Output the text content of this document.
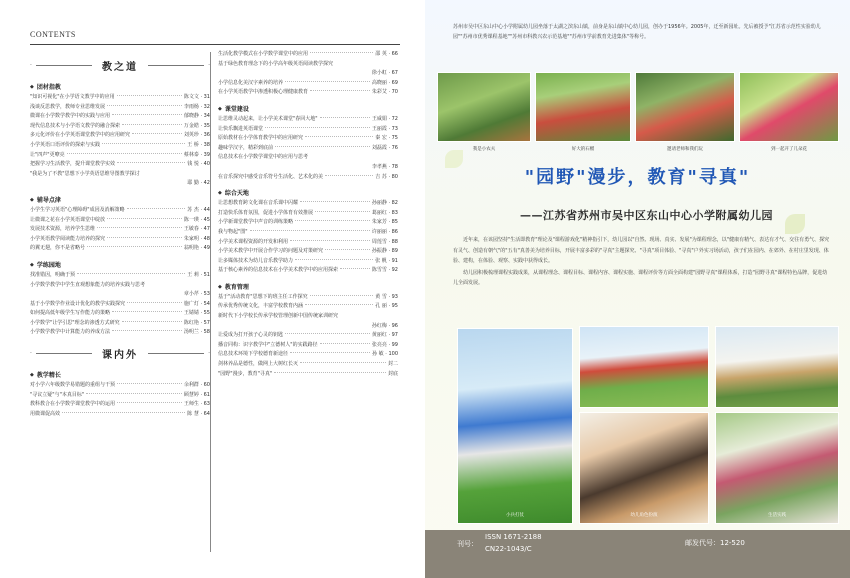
CONTENTS
·	教之道	·
◆ 团材指教
"知识可视化"在小学语文教学中的应用	陈文文 · 31
浅谈反思教学，教师专业思维发展	李雨杨 · 32
微课在小学数学教学中的实践与应用	郁晓静 · 34
现代信息技术与小学语文教学的融合探索	万金皓 · 35
多元化评价在小学英语课堂教学中的应用研究	刘英珍 · 36
小学英语口语评价的探索与实践	王 桥 · 38
让"四声"更嘹亮	蔡林泰 · 39
把握学习生活教学，提升课堂教学实效	钱 悦 · 40
"我是为了不教"思想下小学英语思维导图教学探讨
耶 勤 · 42
◆ 辅导点津
小学生学习英语"心理障碍"成因及消解策略	苏 杰 · 44
让微课之花在小学英语课堂中绽放	陈一瑛 · 45
发展技术资源，培养学生思维	王敏春 · 47
小学英语教学阅读能力培养的探究	朱家明 · 48
的翼无翅，你不是省略号	翁明艳 · 49
◆ 学练园地
找准错因，明确于预	王 莉 · 51
小学数学教学中学生直观想象能力的培养实践与思考
章小芹 · 53
基于小学数学作业设计优化的教学实践探究	施广灯 · 54
如何提高低年级学生写作能力的策略	王婧婧 · 55
小学数学"让学引思"理念的渗透方式研究	陈红艳 · 57
小学数学教学中计算能力的养成方法	汤明兰 · 58
·	课内外	·
◆ 教学精长
对小学六年级数学易错题的重组与干预	余利群 · 60
"寻议立疑"与"本真目标"	顾慧婷 · 61
教科教合在小学数学课堂教学中的运用	王师生 · 63
用微课促高效	陈 慧 · 64
生活化教学模式在小学数学课堂中的应用	邵 英 · 66
基于绿色教育理念下的小学高年级英语阅读教学探究
徐小虹 · 67
小学信息化美汉字素养的培养	高晓丽 · 69
在小学英语教学中渗透积极心理健康教育	朱彩艾 · 70
◆ 课堂建设
让思维灵动起来，让小学美术课堂"春回大地"	王威娟 · 72
让快乐飘进英语课堂	王丽霞 · 73
原始教材在小学体育教学中的应用研究	秦 宏 · 75
趣味学汉字，精彩到底前	刘磊霞 · 76
信息技术在小学数学课堂中的应用与思考
李孝燕 · 78
在音乐探究中感受音乐符号生活化、艺术化的美	吉 苏 · 80
◆ 综合天地
让思想教育跨文化课在音乐课中闪耀	孙丽静 · 82
打造快乐体育氛围，促进小学体育有效推展	葛丽红 · 83
小学新课堂教学中声音的训练策略	朱家芳 · 85
我与物起"图"	许丽丽 · 86
小学美术课程资源的开发和利用	周莲雪 · 88
小学美术教学中开展合作学习的问题及对策研究	孙振静 · 89
让多媒体技术为幼儿音乐教学助力	张 帆 · 91
基于核心素养的信息技术在小学美术教学中的应用探索	陈雪雪 · 92
◆ 教育管理
基于"活动教育"思想下的班主任工作探究	黄 雪 · 93
传承优秀传统文化，丰富学校教育内涵	孔 丽 · 95
新时代下小学校长传承学校管理创新中国传统家训研究
孙红梅 · 96
让爱成为打开孩子心灵的钥匙	黄丽红 · 97
播音同构：识字教学中"立德树人"的实践路径	张亮亮 · 99
信息技术环境下学校德育新途径	孙 敏 · 100
剑林养品是德性，做网上大树红长灭	封二
"园野"漫步，教育"寻真"	封底
苏州市吴中区东山中心小学附属幼儿园坐落于太湖之滨东山镇，前身是东山镇中心幼儿园，创办于1956年。2005年，迁至新园址。先后被授予"江苏省示范性实验幼儿园""苏州市优秀课程基地""苏州市科教兴农示范基地""苏州市学前教育先进集体"等称号。
我是小农夫	好大的石榴	邀请老师和我们玩	到一起开了儿朵花
"园野"漫步，教育"寻真"
——江苏省苏州市吴中区东山中心小学附属幼儿园

近年来，在该园坚持"生活即教育"理论及"课程游戏化"精神指引下，幼儿园以"自然、现场、真实、发展"为课程理念，以"健康有精气、表达有才气、交往有勇气、探究有灵气、创造有朝气"的"五有"真善美为培养目标，开展丰富多彩的"寻真"主题探究、"寻真"项目体验、"寻真"户外实习场活动，孩子们在园内、在郊外、在村庄里发现、体验、建构，在体验、观察、实践中获得成长。

幼儿园积极梳理课程实践成果，从课程理念、课程目标、课程内容、课程实施、课程评价等方面全面构建"园野寻真"课程体系，打造"园野寻真"课程特色品牌，促进幼儿全面发展。

小兵打仗	幼儿角色扮演	生活实践
刊号：
ISSN 1671-2188
CN22-1043/C
邮发代号：12-520
